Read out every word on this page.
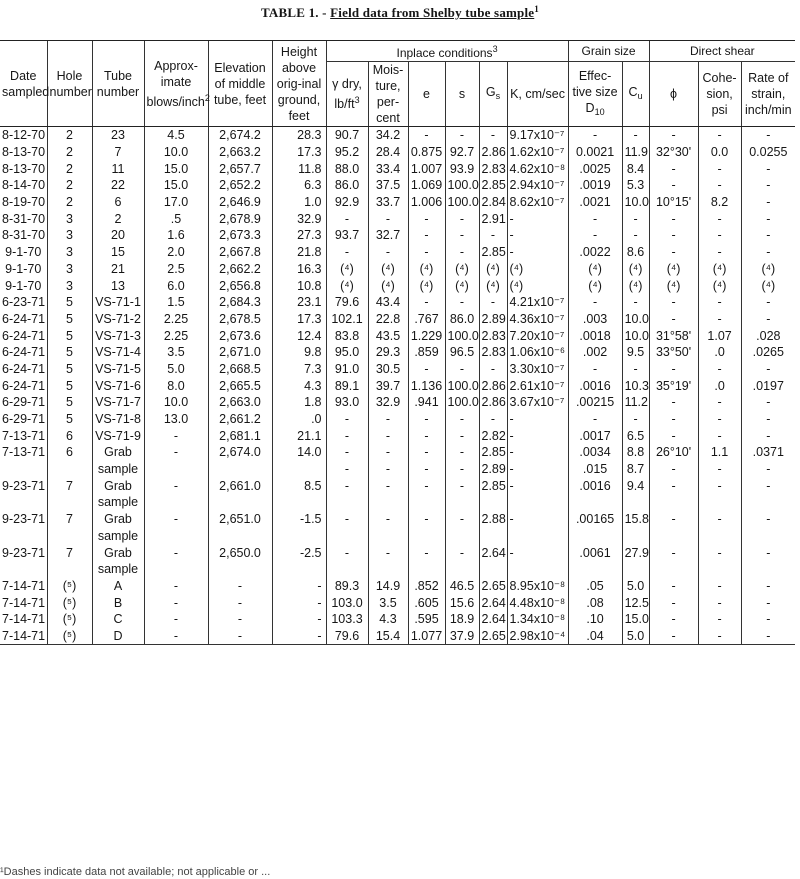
TABLE 1. - Field data from Shelby tube sample$^1$
Date sampled	Hole number	Tube number	Approx-imate blows/inch$^2$	Elevation of middle tube, feet	Height above orig-inal ground, feet	Inplace conditions$^3$						Grain size		Direct shear		
						γ dry, $lb/ft^3$	Mois-ture, per-cent	e	s	$G_s$	K, cm/sec	Effec-tive size $D_{10}$	$C_u$	ϕ	Cohe-sion, psi	Rate of strain, inch/min
8-12-70	2	23	4.5	2,674.2	28.3	90.7	34.2	-	-	-	9.17x10⁻⁷	-	-	-	-	-
8-13-70	2	7	10.0	2,663.2	17.3	95.2	28.4	0.875	92.7	2.86	1.62x10⁻⁷	0.0021	11.9	32°30'	0.0	0.0255
8-13-70	2	11	15.0	2,657.7	11.8	88.0	33.4	1.007	93.9	2.83	4.62x10⁻⁸	.0025	8.4	-	-	-
8-14-70	2	22	15.0	2,652.2	6.3	86.0	37.5	1.069	100.0	2.85	2.94x10⁻⁷	.0019	5.3	-	-	-
8-19-70	2	6	17.0	2,646.9	1.0	92.9	33.7	1.006	100.0	2.84	8.62x10⁻⁷	.0021	10.0	10°15'	8.2	-
8-31-70	3	2	.5	2,678.9	32.9	-	-	-	-	2.91	-	-	-	-	-	-
8-31-70	3	20	1.6	2,673.3	27.3	93.7	32.7	-	-	-	-	-	-	-	-	-
9-1-70	3	15	2.0	2,667.8	21.8	-	-	-	-	2.85	-	.0022	8.6	-	-	-
9-1-70	3	21	2.5	2,662.2	16.3	(⁴)	(⁴)	(⁴)	(⁴)	(⁴)	(⁴)	(⁴)	(⁴)	(⁴)	(⁴)	(⁴)
9-1-70	3	13	6.0	2,656.8	10.8	(⁴)	(⁴)	(⁴)	(⁴)	(⁴)	(⁴)	(⁴)	(⁴)	(⁴)	(⁴)	(⁴)
6-23-71	5	VS-71-1	1.5	2,684.3	23.1	79.6	43.4	-	-	-	4.21x10⁻⁷	-	-	-	-	-
6-24-71	5	VS-71-2	2.25	2,678.5	17.3	102.1	22.8	.767	86.0	2.89	4.36x10⁻⁷	.003	10.0	-	-	-
6-24-71	5	VS-71-3	2.25	2,673.6	12.4	83.8	43.5	1.229	100.0	2.83	7.20x10⁻⁷	.0018	10.0	31°58'	1.07	.028
6-24-71	5	VS-71-4	3.5	2,671.0	9.8	95.0	29.3	.859	96.5	2.83	1.06x10⁻⁶	.002	9.5	33°50'	.0	.0265
6-24-71	5	VS-71-5	5.0	2,668.5	7.3	91.0	30.5	-	-	-	3.30x10⁻⁷	-	-	-	-	-
6-24-71	5	VS-71-6	8.0	2,665.5	4.3	89.1	39.7	1.136	100.0	2.86	2.61x10⁻⁷	.0016	10.3	35°19'	.0	.0197
6-29-71	5	VS-71-7	10.0	2,663.0	1.8	93.0	32.9	.941	100.0	2.86	3.67x10⁻⁷	.00215	11.2	-	-	-
6-29-71	5	VS-71-8	13.0	2,661.2	.0	-	-	-	-	-	-	-	-	-	-	-
7-13-71	6	VS-71-9	-	2,681.1	21.1	-	-	-	-	2.82	-	.0017	6.5	-	-	-
7-13-71	6	Grab	-	2,674.0	14.0	-	-	-	-	2.85	-	.0034	8.8	26°10'	1.1	.0371
		sample				-	-	-	-	2.89	-	.015	8.7	-	-	-
9-23-71	7	Grab	-	2,661.0	8.5	-	-	-	-	2.85	-	.0016	9.4	-	-	-
		sample														
9-23-71	7	Grab	-	2,651.0	-1.5	-	-	-	-	2.88	-	.00165	15.8	-	-	-
		sample														
9-23-71	7	Grab	-	2,650.0	-2.5	-	-	-	-	2.64	-	.0061	27.9	-	-	-
		sample														
7-14-71	(⁵)	A	-	-	-	89.3	14.9	.852	46.5	2.65	8.95x10⁻⁸	.05	5.0	-	-	-
7-14-71	(⁵)	B	-	-	-	103.0	3.5	.605	15.6	2.64	4.48x10⁻⁸	.08	12.5	-	-	-
7-14-71	(⁵)	C	-	-	-	103.3	4.3	.595	18.9	2.64	1.34x10⁻⁸	.10	15.0	-	-	-
7-14-71	(⁵)	D	-	-	-	79.6	15.4	1.077	37.9	2.65	2.98x10⁻⁴	.04	5.0	-	-	-
¹Dashes indicate data not available; not applicable or ...
